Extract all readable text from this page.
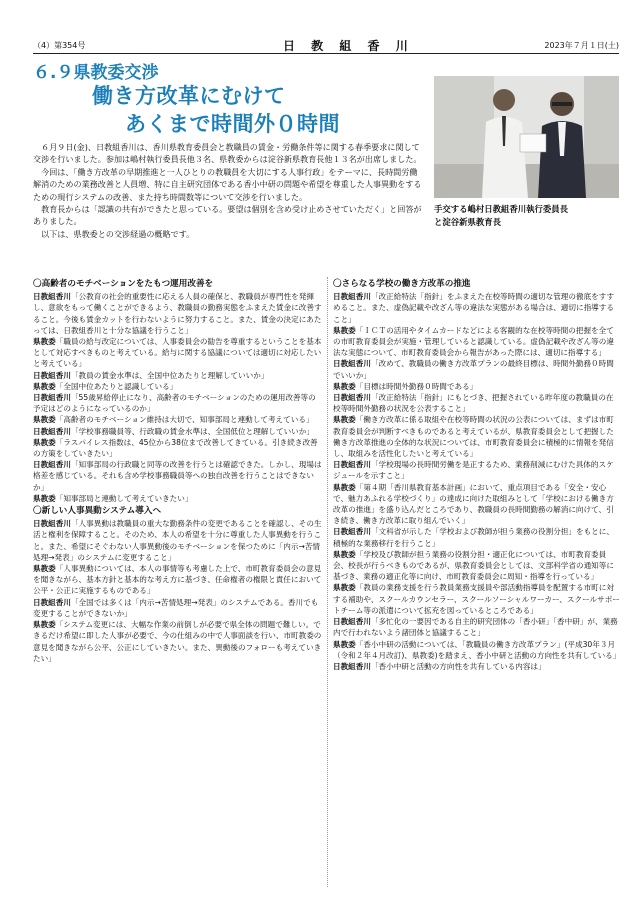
（4）第354号	日 教 組 香 川	2023年７月１日(土)
６.９県教委交渉
働き方改革にむけて
あくまで時間外０時間

６月９日(金)、日教組香川は、香川県教育委員会と教職員の賃金・労働条件等に関する春季要求に関して交渉を行いました。参加は嶋村執行委員長他３名、県教委からは淀谷新県教育長他１３名が出席しました。

今回は、「働き方改革の早期推進と一人ひとりの教職員を大切にする人事行政」をテーマに、長時間労働解消のための業務改善と人員増、特に自主研究団体である香小中研の問題や希望を尊重した人事異動をするための現行システムの改善、また持ち時間数等について交渉を行いました。

教育長からは「認識の共有ができたと思っている。要望は個別を含め受け止めさせていただく」と回答がありました。

以下は、県教委との交渉経過の概略です。

手交する嶋村日教組香川執行委員長
と淀谷新県教育長
〇高齢者のモチベーションをたもつ運用改善を
日教組香川「公教育の社会的重要性に応える人員の確保と、教職員が専門性を発揮し、意欲をもって働くことができるよう、教職員の勤務実態をふまえた賃金に改善すること。今後も賃金カットを行わないように努力すること。また、賃金の決定にあたっては、日教組香川と十分な協議を行うこと」
県教委「職員の給与改定については、人事委員会の勧告を尊重するということを基本として対応すべきものと考えている。給与に関する協議については適切に対応したいと考えている」
日教組香川「教員の賃金水準は、全国中位あたりと理解していいか」
県教委「全国中位あたりと認識している」
日教組香川「55歳昇給停止になり、高齢者のモチベーションのための運用改善等の予定はどのようになっているのか」
県教委「高齢者のモチベーション維持は大切で、知事部局と連動して考えている」
日教組香川「学校事務職員等、行政職の賃金水準は、全国低位と理解していいか」
県教委「ラスパイレス指数は、45位から38位まで改善してきている。引き続き改善の方策をしていきたい」
日教組香川「知事部局の行政職と同等の改善を行うとは確認できた。しかし、現場は格差を感じている。それも含め学校事務職員等への独自改善を行うことはできないか」
県教委「知事部局と連動して考えていきたい」
〇新しい人事異動システム導入へ
日教組香川「人事異動は教職員の重大な勤務条件の変更であることを確認し、その生活と権利を保障すること。そのため、本人の希望を十分に尊重した人事異動を行うこと。また、希望にそぐわない人事異動後のモチベーションを保つために「内示→苦情処理→発表」のシステムに変更すること」
県教委「人事異動については、本人の事情等も考慮した上で、市町教育委員会の意見を聞きながら、基本方針と基本的な考え方に基づき、任命権者の権限と責任において公平・公正に実施するものである」
日教組香川「全国では多くは「内示→苦情処理→発表」のシステムである。香川でも変更することができないか」
県教委「システム変更には、大幅な作業の前倒しが必要で県全体の問題で難しい。できるだけ希望に即した人事が必要で、今の仕組みの中で人事面談を行い、市町教委の意見を聞きながら公平、公正にしていきたい。また、異動後のフォローも考えていきたい」
〇さらなる学校の働き方改革の推進
日教組香川「改正給特法「指針」をふまえた在校等時間の適切な管理の徹底をすすめること。また、虚偽記載や改ざん等の違法な実態がある場合は、適切に指導すること」
県教委「ＩＣＴの活用やタイムカードなどによる客観的な在校等時間の把握を全ての市町教育委員会が実施・管理していると認識している。虚偽記載や改ざん等の違法な実態について、市町教育委員会から報告があった際には、適切に指導する」
日教組香川「改めて、教職員の働き方改革プランの最終目標は、時間外勤務０時間でいいか」
県教委「目標は時間外勤務０時間である」
日教組香川「改正給特法「指針」にもとづき、把握されている昨年度の教職員の在校等時間外勤務の状況を公表すること」
県教委「働き方改革に係る取組や在校等時間の状況の公表については、まずは市町教育委員会が判断すべきものであると考えているが、県教育委員会として把握した働き方改革推進の全体的な状況については、市町教育委員会に積極的に情報を発信し、取組みを活性化したいと考えている」
日教組香川「学校現場の長時間労働を是正するため、業務削減にむけた具体的スケジュールを示すこと」
県教委「第４期「香川県教育基本計画」において、重点項目である「安全・安心で、魅力あふれる学校づくり」の達成に向けた取組みとして「学校における働き方改革の推進」を盛り込んだところであり、教職員の長時間勤務の解消に向けて、引き続き、働き方改革に取り組んでいく」
日教組香川「文科省が示した「学校および教師が担う業務の役割分担」をもとに、積極的な業務移行を行うこと」
県教委「学校及び教師が担う業務の役割分担・適正化については、市町教育委員会、校長が行うべきものであるが、県教育委員会としては、文部科学省の通知等に基づき、業務の適正化等に向け、市町教育委員会に周知・指導を行っている」
県教委「教員の業務支援を行う教員業務支援員や部活動指導員を配置する市町に対する補助や、スクールカウンセラー、スクールソーシャルワーカー、スクールサポートチーム等の派遣について拡充を図っているところである」
日教組香川「多忙化の一要因である自主的研究団体の「香小研」「香中研」が、業務内で行われないよう諸団体と協議すること」
県教委「香小中研の活動については、「教職員の働き方改革プラン」(平成30年３月（令和２年４月改訂)、県教委)を踏まえ、香小中研と活動の方向性を共有している」
日教組香川「香小中研と活動の方向性を共有している内容は」
